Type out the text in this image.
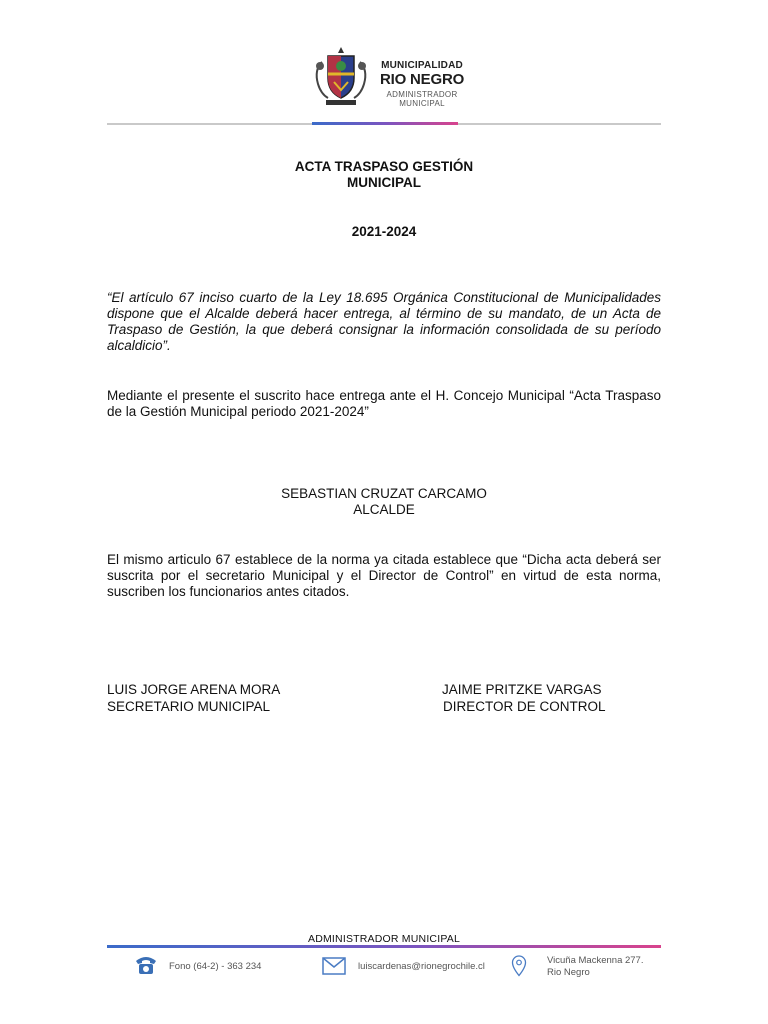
MUNICIPALIDAD
RIO NEGRO
ADMINISTRADOR
MUNICIPAL
ACTA TRASPASO GESTIÓN
MUNICIPAL
2021-2024
“El artículo 67 inciso cuarto de la Ley 18.695 Orgánica Constitucional de Municipalidades dispone que el Alcalde deberá hacer entrega, al término de su mandato, de un Acta de Traspaso de Gestión, la que deberá consignar la información consolidada de su período alcaldicio”.
Mediante el presente el suscrito hace entrega ante el H. Concejo Municipal “Acta Traspaso de la Gestión Municipal periodo 2021-2024”
SEBASTIAN CRUZAT CARCAMO
ALCALDE
El mismo articulo 67 establece de la norma ya citada establece que “Dicha acta deberá ser suscrita por el secretario Municipal y el Director de Control” en virtud de esta norma, suscriben los funcionarios antes citados.
LUIS JORGE ARENA MORA
SECRETARIO MUNICIPAL
JAIME PRITZKE VARGAS
DIRECTOR DE CONTROL
ADMINISTRADOR MUNICIPAL
Fono (64-2) - 363 234	luiscardenas@rionegrochile.cl
Vicuña Mackenna 277.
Rio Negro
